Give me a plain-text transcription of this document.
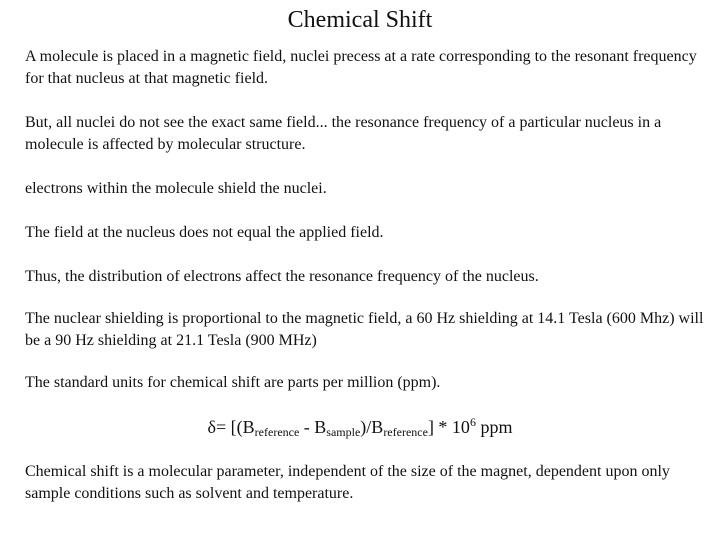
Chemical Shift

A molecule is placed in a magnetic field, nuclei precess at a rate corresponding to the resonant frequency for that nucleus at that magnetic field.

But, all nuclei do not see the exact same field... the resonance frequency of a particular nucleus in a molecule is affected by molecular structure.

electrons within the molecule shield the nuclei.

The field at the nucleus does not equal the applied field.

Thus, the distribution of electrons affect the resonance frequency of the nucleus.

The nuclear shielding is proportional to the magnetic field, a 60 Hz shielding at 14.1 Tesla (600 Mhz) will be a 90 Hz shielding at 21.1 Tesla (900 MHz)

The standard units for chemical shift are parts per million (ppm).

$\delta= [(B_{reference} - B_{sample})/B_{reference}] * 10^6$ ppm

Chemical shift is a molecular parameter, independent of the size of the magnet, dependent upon only sample conditions such as solvent and temperature.
